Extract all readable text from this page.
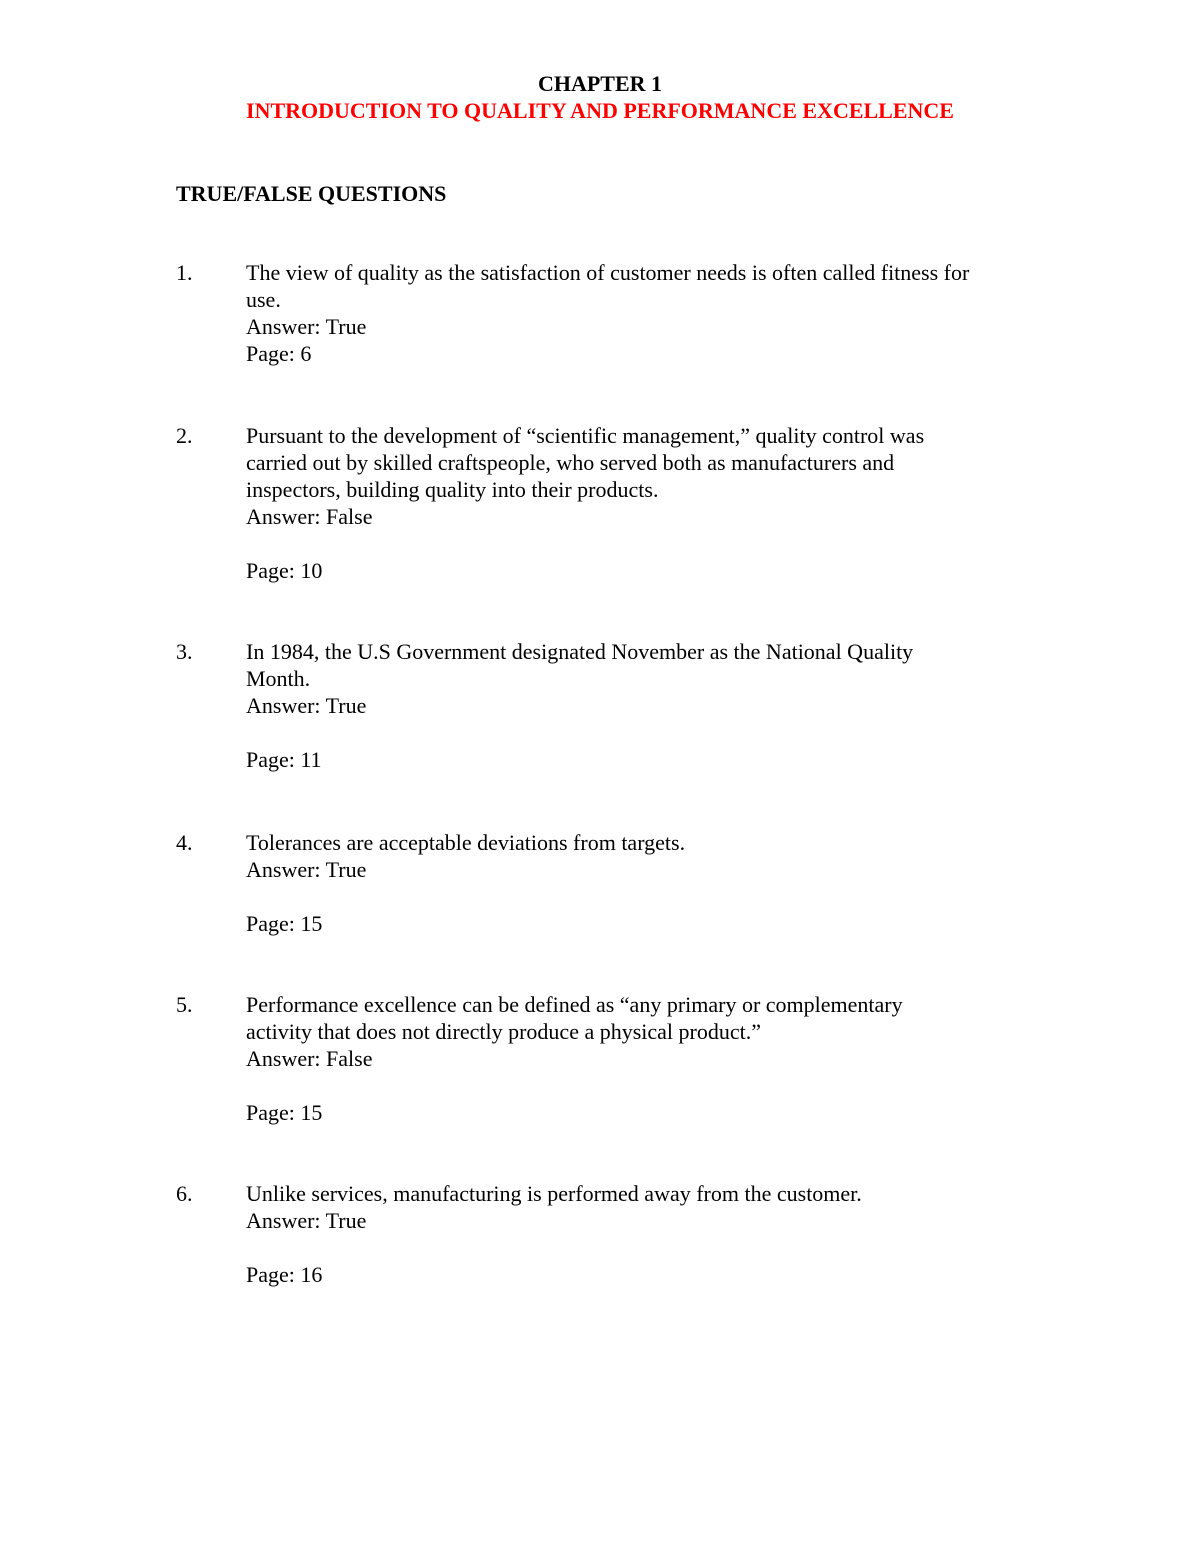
CHAPTER 1
INTRODUCTION TO QUALITY AND PERFORMANCE EXCELLENCE
TRUE/FALSE QUESTIONS
1.	The view of quality as the satisfaction of customer needs is often called fitness for
use.
Answer: True
Page: 6
2.	Pursuant to the development of “scientific management,” quality control was
carried out by skilled craftspeople, who served both as manufacturers and
inspectors, building quality into their products.
Answer: False
Page: 10
3.	In 1984, the U.S Government designated November as the National Quality
Month.
Answer: True
Page: 11
4.	Tolerances are acceptable deviations from targets.
Answer: True
Page: 15
5.	Performance excellence can be defined as “any primary or complementary
activity that does not directly produce a physical product.”
Answer: False
Page: 15
6.	Unlike services, manufacturing is performed away from the customer.
Answer: True
Page: 16
